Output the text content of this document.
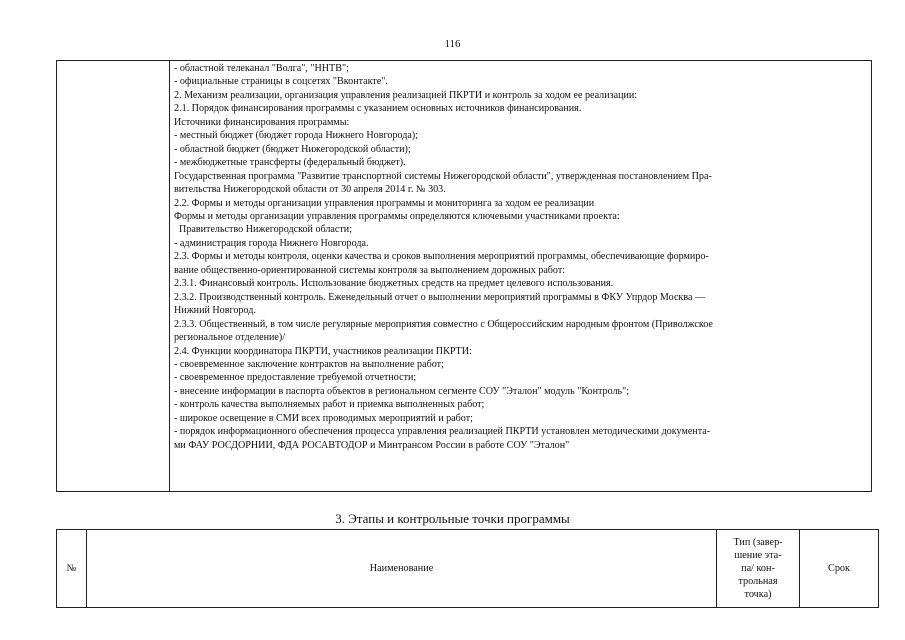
116
- областной телеканал "Волга", "ННТВ";
- официальные страницы в соцсетях "Вконтакте".
2. Механизм реализации, организация управления реализацией ПКРТИ и контроль за ходом ее реализации:
2.1. Порядок финансирования программы с указанием основных источников финансирования.
Источники финансирования программы:
- местный бюджет (бюджет города Нижнего Новгорода);
- областной бюджет (бюджет Нижегородской области);
- межбюджетные трансферты (федеральный бюджет).
Государственная программа "Развитие транспортной системы Нижегородской области", утвержденная постановлением Пра-
вительства Нижегородской области от 30 апреля 2014 г. № 303.
2.2. Формы и методы организации управления программы и мониторинга за ходом ее реализации
Формы и методы организации управления программы определяются ключевыми участниками проекта:
Правительство Нижегородской области;
- администрация города Нижнего Новгорода.
2.3. Формы и методы контроля, оценки качества и сроков выполнения мероприятий программы, обеспечивающие формиро-
вание общественно-ориентированной системы контроля за выполнением дорожных работ:
2.3.1. Финансовый контроль. Использование бюджетных средств на предмет целевого использования.
2.3.2. Производственный контроль. Еженедельный отчет о выполнении мероприятий программы в ФКУ Упрдор Москва —
Нижний Новгород.
2.3.3. Общественный, в том числе регулярные мероприятия совместно с Общероссийским народным фронтом (Приволжское
региональное отделение)/
2.4. Функции координатора ПКРТИ, участников реализации ПКРТИ:
- своевременное заключение контрактов на выполнение работ;
- своевременное предоставление требуемой отчетности;
- внесение информации в паспорта объектов в региональном сегменте СОУ "Эталон" модуль "Контроль";
- контроль качества выполняемых работ и приемка выполненных работ;
- широкое освещение в СМИ всех проводимых мероприятий и работ;
- порядок информационного обеспечения процесса управления реализацией ПКРТИ установлен методическими документа-
ми ФАУ РОСДОРНИИ, ФДА РОСАВТОДОР и Минтрансом России в работе СОУ "Эталон"
3. Этапы и контрольные точки программы
№	Наименование	Тип (завер-
шение эта-
па/ кон-
трольная
точка)	Срок
